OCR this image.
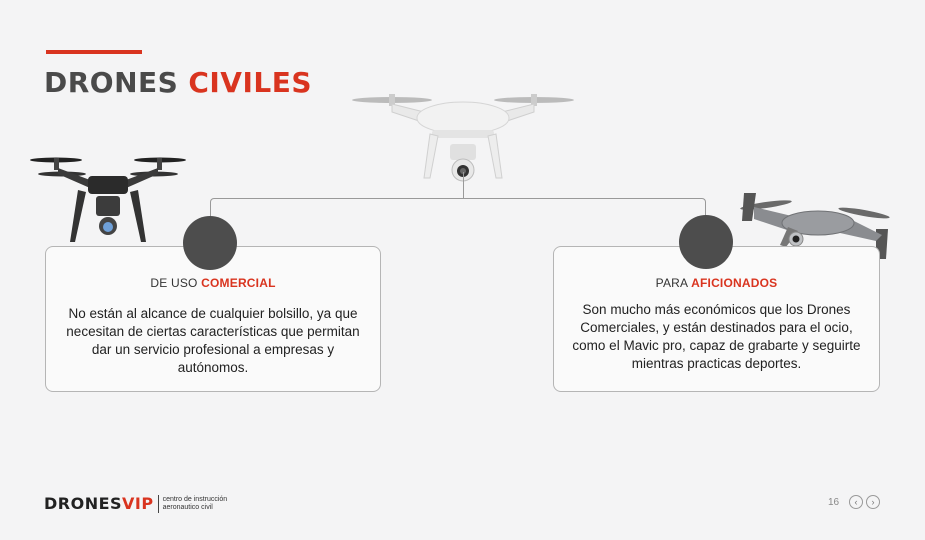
DRONES CIVILES
DE USO COMERCIAL
No están al alcance de cualquier bolsillo, ya que necesitan de ciertas características que permitan dar un servicio profesional a empresas y autónomos.
PARA AFICIONADOS
Son mucho más económicos que los Drones Comerciales, y están destinados para el ocio, como el Mavic pro, capaz de grabarte y seguirte mientras practicas deportes.
DRONES VIP centro de instrucción
aeronautico civil	16 ‹ ›
